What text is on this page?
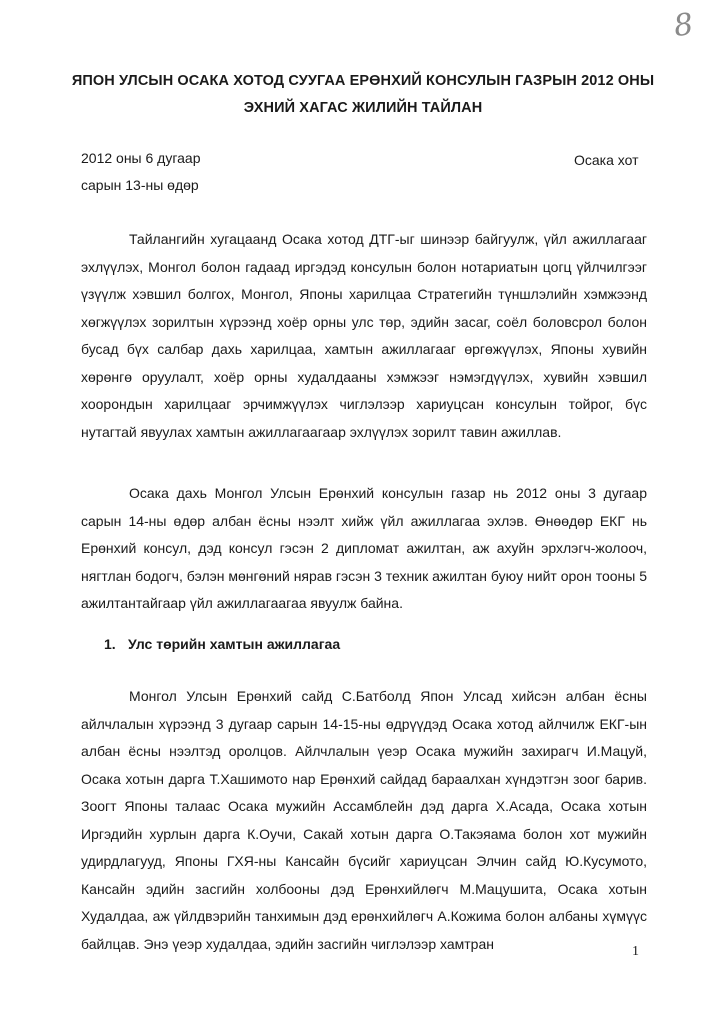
8
ЯПОН УЛСЫН ОСАКА ХОТОД СУУГАА ЕРӨНХИЙ КОНСУЛЫН ГАЗРЫН 2012 ОНЫ ЭХНИЙ ХАГАС ЖИЛИЙН ТАЙЛАН
2012 оны 6 дугаар
сарын 13-ны өдөр
Осака хот

Тайлангийн хугацаанд Осака хотод ДТГ-ыг шинээр байгуулж, үйл ажиллагааг эхлүүлэх, Монгол болон гадаад иргэдэд консулын болон нотариатын цогц үйлчилгээг үзүүлж хэвшил болгох, Монгол, Японы харилцаа Стратегийн түншлэлийн хэмжээнд хөгжүүлэх зорилтын хүрээнд хоёр орны улс төр, эдийн засаг, соёл боловсрол болон бусад бүх салбар дахь харилцаа, хамтын ажиллагааг өргөжүүлэх, Японы хувийн хөрөнгө оруулалт, хоёр орны худалдааны хэмжээг нэмэгдүүлэх, хувийн хэвшил хоорондын харилцааг эрчимжүүлэх чиглэлээр хариуцсан консулын тойрог, бүс нутагтай явуулах хамтын ажиллагаагаар эхлүүлэх зорилт тавин ажиллав.

Осака дахь Монгол Улсын Ерөнхий консулын газар нь 2012 оны 3 дугаар сарын 14-ны өдөр албан ёсны нээлт хийж үйл ажиллагаа эхлэв. Өнөөдөр ЕКГ нь Ерөнхий консул, дэд консул гэсэн 2 дипломат ажилтан, аж ахуйн эрхлэгч-жолооч, нягтлан бодогч, бэлэн мөнгөний нярав гэсэн 3 техник ажилтан буюу нийт орон тооны 5 ажилтантайгаар үйл ажиллагаагаа явуулж байна.

1. Улс төрийн хамтын ажиллагаа

Монгол Улсын Ерөнхий сайд С.Батболд Япон Улсад хийсэн албан ёсны айлчлалын хүрээнд 3 дугаар сарын 14-15-ны өдрүүдэд Осака хотод айлчилж ЕКГ-ын албан ёсны нээлтэд оролцов. Айлчлалын үеэр Осака мужийн захирагч И.Мацуй, Осака хотын дарга Т.Хашимото нар Ерөнхий сайдад бараалхан хүндэтгэн зоог барив. Зоогт Японы талаас Осака мужийн Ассамблейн дэд дарга Х.Асада, Осака хотын Иргэдийн хурлын дарга К.Оучи, Сакай хотын дарга О.Такэяама болон хот мужийн удирдлагууд, Японы ГХЯ-ны Кансайн бүсийг хариуцсан Элчин сайд Ю.Кусумото, Кансайн эдийн засгийн холбооны дэд Ерөнхийлөгч М.Мацушита, Осака хотын Худалдаа, аж үйлдвэрийн танхимын дэд ерөнхийлөгч А.Кожима болон албаны хүмүүс байлцав. Энэ үеэр худалдаа, эдийн засгийн чиглэлээр хамтран	1
